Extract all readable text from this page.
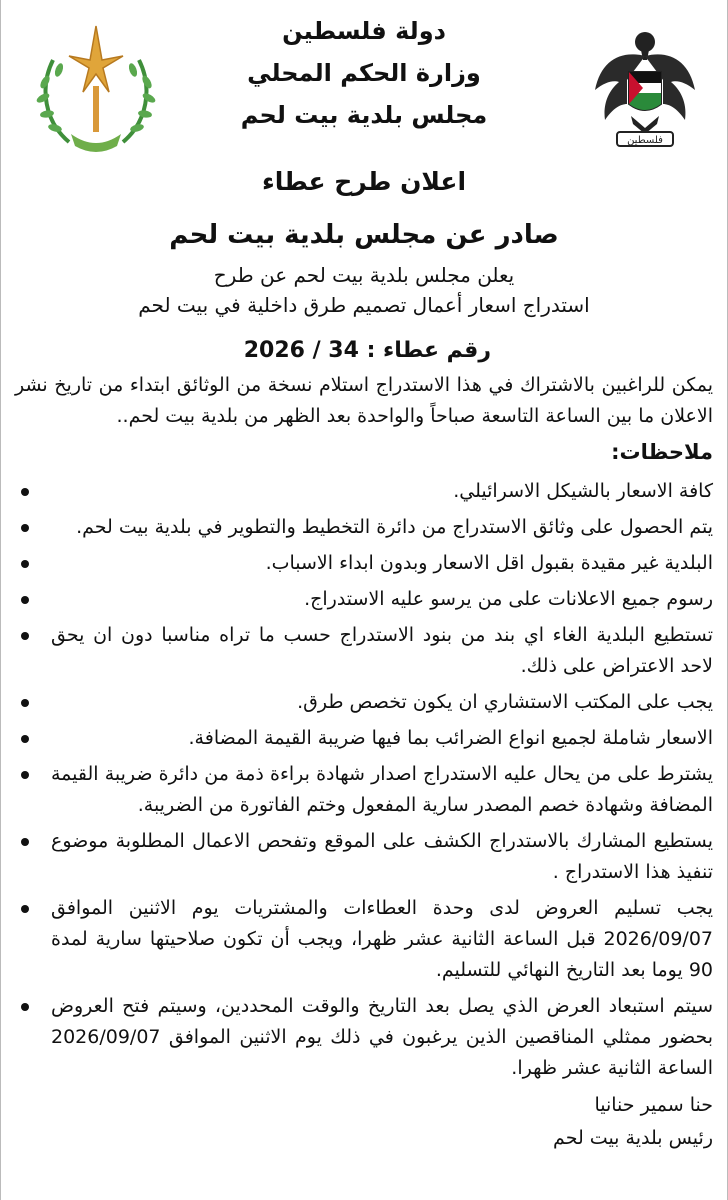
فلسطين
دولة فلسطين
وزارة الحكم المحلي
مجلس بلدية بيت لحم
اعلان طرح عطاء
صادر عن مجلس بلدية بيت لحم
يعلن مجلس بلدية بيت لحم عن طرح
استدراج اسعار أعمال تصميم طرق داخلية في بيت لحم
رقم عطاء : 34 / 2026
يمكن للراغبين بالاشتراك في هذا الاستدراج استلام نسخة من الوثائق ابتداء من تاريخ نشر الاعلان ما بين الساعة التاسعة صباحاً والواحدة بعد الظهر من بلدية بيت لحم..
ملاحظات:
كافة الاسعار بالشيكل الاسرائيلي.
يتم الحصول على وثائق الاستدراج من دائرة التخطيط والتطوير في بلدية بيت لحم.
البلدية غير مقيدة بقبول اقل الاسعار وبدون ابداء الاسباب.
رسوم جميع الاعلانات على من يرسو عليه الاستدراج.
تستطيع البلدية الغاء اي بند من بنود الاستدراج حسب ما تراه مناسبا دون ان يحق لاحد الاعتراض على ذلك.
يجب على المكتب الاستشاري ان يكون تخصص طرق.
الاسعار شاملة لجميع انواع الضرائب بما فيها ضريبة القيمة المضافة.
يشترط على من يحال عليه الاستدراج اصدار شهادة براءة ذمة من دائرة ضريبة القيمة المضافة وشهادة خصم المصدر سارية المفعول وختم الفاتورة من الضريبة.
يستطيع المشارك بالاستدراج الكشف على الموقع وتفحص الاعمال المطلوبة موضوع تنفيذ هذا الاستدراج .
يجب تسليم العروض لدى وحدة العطاءات والمشتريات يوم الاثنين الموافق 2026/09/07 قبل الساعة الثانية عشر ظهرا، ويجب أن تكون صلاحيتها سارية لمدة 90 يوما بعد التاريخ النهائي للتسليم.
سيتم استبعاد العرض الذي يصل بعد التاريخ والوقت المحددين، وسيتم فتح العروض بحضور ممثلي المناقصين الذين يرغبون في ذلك يوم الاثنين الموافق 2026/09/07 الساعة الثانية عشر ظهرا.
حنا سمير حنانيا
رئيس بلدية بيت لحم
